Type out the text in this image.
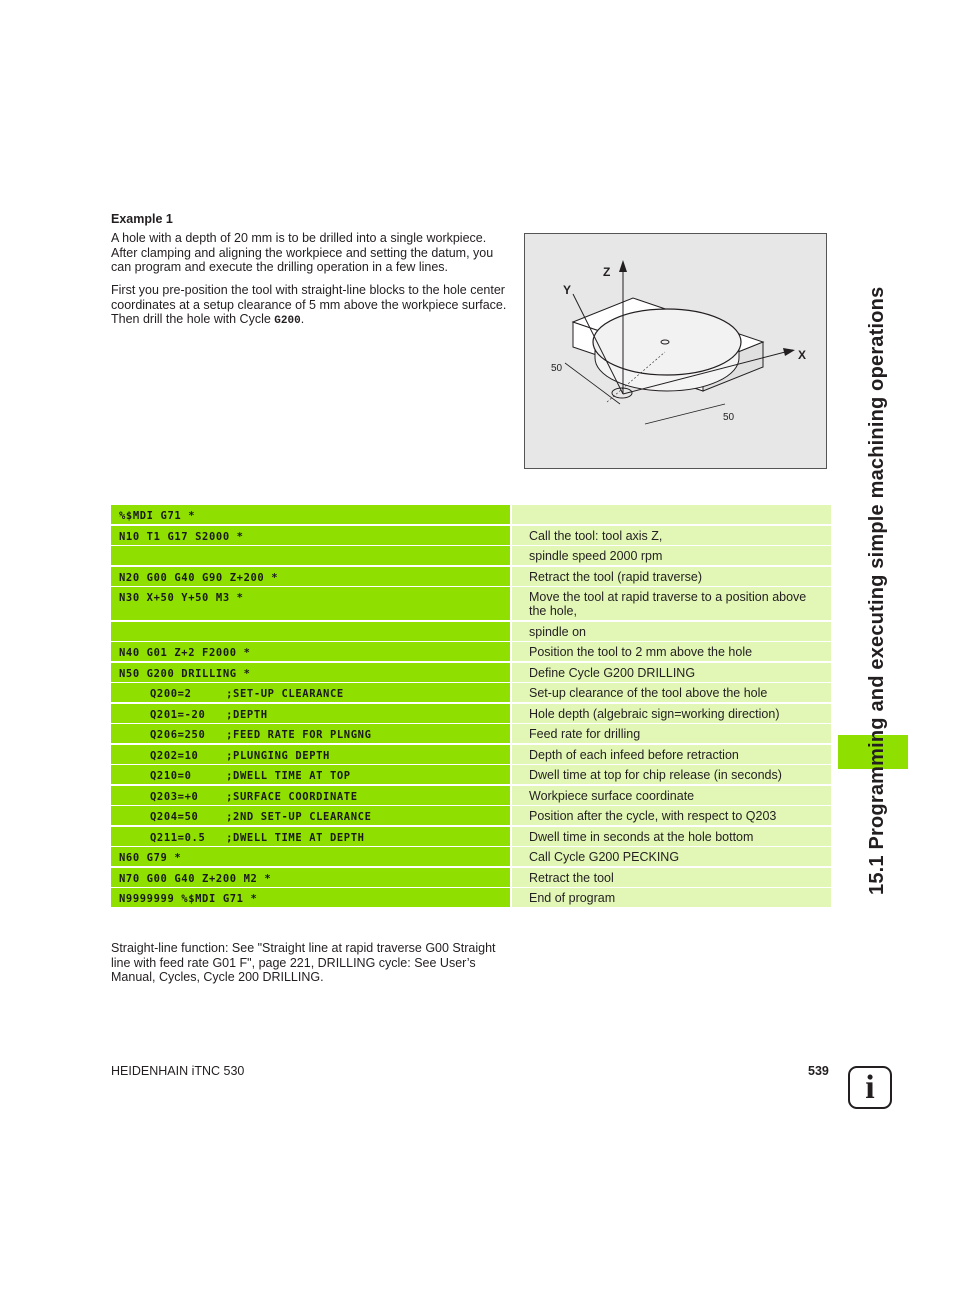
Example 1

A hole with a depth of 20 mm is to be drilled into a single workpiece. After clamping and aligning the workpiece and setting the datum, you can program and execute the drilling operation in a few lines.

First you pre-position the tool with straight-line blocks to the hole center coordinates at a setup clearance of 5 mm above the workpiece surface. Then drill the hole with Cycle G200.

Z
Y
X
50
50
%$MDI G71 *
N10 T1 G17 S2000 *	Call the tool: tool axis Z,
spindle speed 2000 rpm
N20 G00 G40 G90 Z+200 *	Retract the tool (rapid traverse)
N30 X+50 Y+50 M3 *	Move the tool at rapid traverse to a position above the hole,
spindle on
N40 G01 Z+2 F2000 *	Position the tool to 2 mm above the hole
N50 G200 DRILLING *	Define Cycle G200 DRILLING
Q200=2     ;SET-UP CLEARANCE	Set-up clearance of the tool above the hole
Q201=-20   ;DEPTH	Hole depth (algebraic sign=working direction)
Q206=250   ;FEED RATE FOR PLNGNG	Feed rate for drilling
Q202=10    ;PLUNGING DEPTH	Depth of each infeed before retraction
Q210=0     ;DWELL TIME AT TOP	Dwell time at top for chip release (in seconds)
Q203=+0    ;SURFACE COORDINATE	Workpiece surface coordinate
Q204=50    ;2ND SET-UP CLEARANCE	Position after the cycle, with respect to Q203
Q211=0.5   ;DWELL TIME AT DEPTH	Dwell time in seconds at the hole bottom
N60 G79 *	Call Cycle G200 PECKING
N70 G00 G40 Z+200 M2 *	Retract the tool
N9999999 %$MDI G71 *	End of program

Straight-line function: See "Straight line at rapid traverse G00 Straight line with feed rate G01 F", page 221, DRILLING cycle: See User’s Manual, Cycles, Cycle 200 DRILLING.

HEIDENHAIN iTNC 530	539
15.1 Programming and executing simple machining operations
i
